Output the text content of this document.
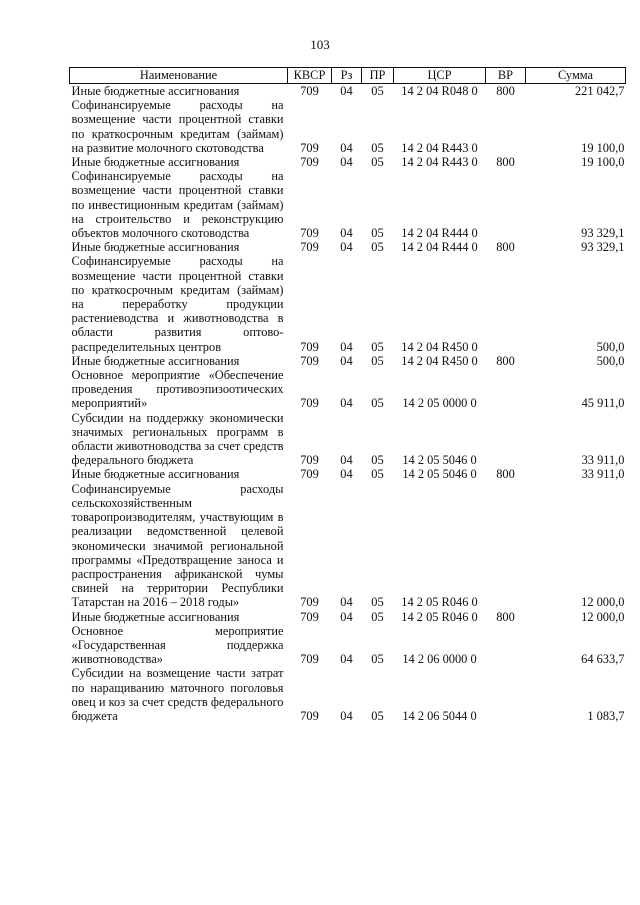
103
Наименование	КВСР	Рз	ПР	ЦСР	ВР	Сумма
Иные бюджетные ассигнования	709	04	05	14 2 04 R048 0	800	221 042,7
Софинансируемые расходы на возмещение части процентной ставки по краткосрочным кредитам (займам) на развитие молочного скотоводства	709	04	05	14 2 04 R443 0		19 100,0
Иные бюджетные ассигнования	709	04	05	14 2 04 R443 0	800	19 100,0
Софинансируемые расходы на возмещение части процентной ставки по инвестиционным кредитам (займам) на строительство и реконструкцию объектов молочного скотоводства	709	04	05	14 2 04 R444 0		93 329,1
Иные бюджетные ассигнования	709	04	05	14 2 04 R444 0	800	93 329,1
Софинансируемые расходы на возмещение части процентной ставки по краткосрочным кредитам (займам) на переработку продукции растениеводства и животноводства в области развития оптово-распределительных центров	709	04	05	14 2 04 R450 0		500,0
Иные бюджетные ассигнования	709	04	05	14 2 04 R450 0	800	500,0
Основное мероприятие «Обеспечение проведения противоэпизоотических мероприятий»	709	04	05	14 2 05 0000 0		45 911,0
Субсидии на поддержку экономически значимых региональных программ в области животноводства за счет средств федерального бюджета	709	04	05	14 2 05 5046 0		33 911,0
Иные бюджетные ассигнования	709	04	05	14 2 05 5046 0	800	33 911,0
Софинансируемые расходы сельскохозяйственным товаропроизводителям, участвующим в реализации ведомственной целевой экономически значимой региональной программы «Предотвращение заноса и распространения африканской чумы свиней на территории Республики Татарстан на 2016 – 2018 годы»	709	04	05	14 2 05 R046 0		12 000,0
Иные бюджетные ассигнования	709	04	05	14 2 05 R046 0	800	12 000,0
Основное мероприятие «Государственная поддержка животноводства»	709	04	05	14 2 06 0000 0		64 633,7
Субсидии на возмещение части затрат по наращиванию маточного поголовья овец и коз за счет средств федерального бюджета	709	04	05	14 2 06 5044 0		1 083,7
